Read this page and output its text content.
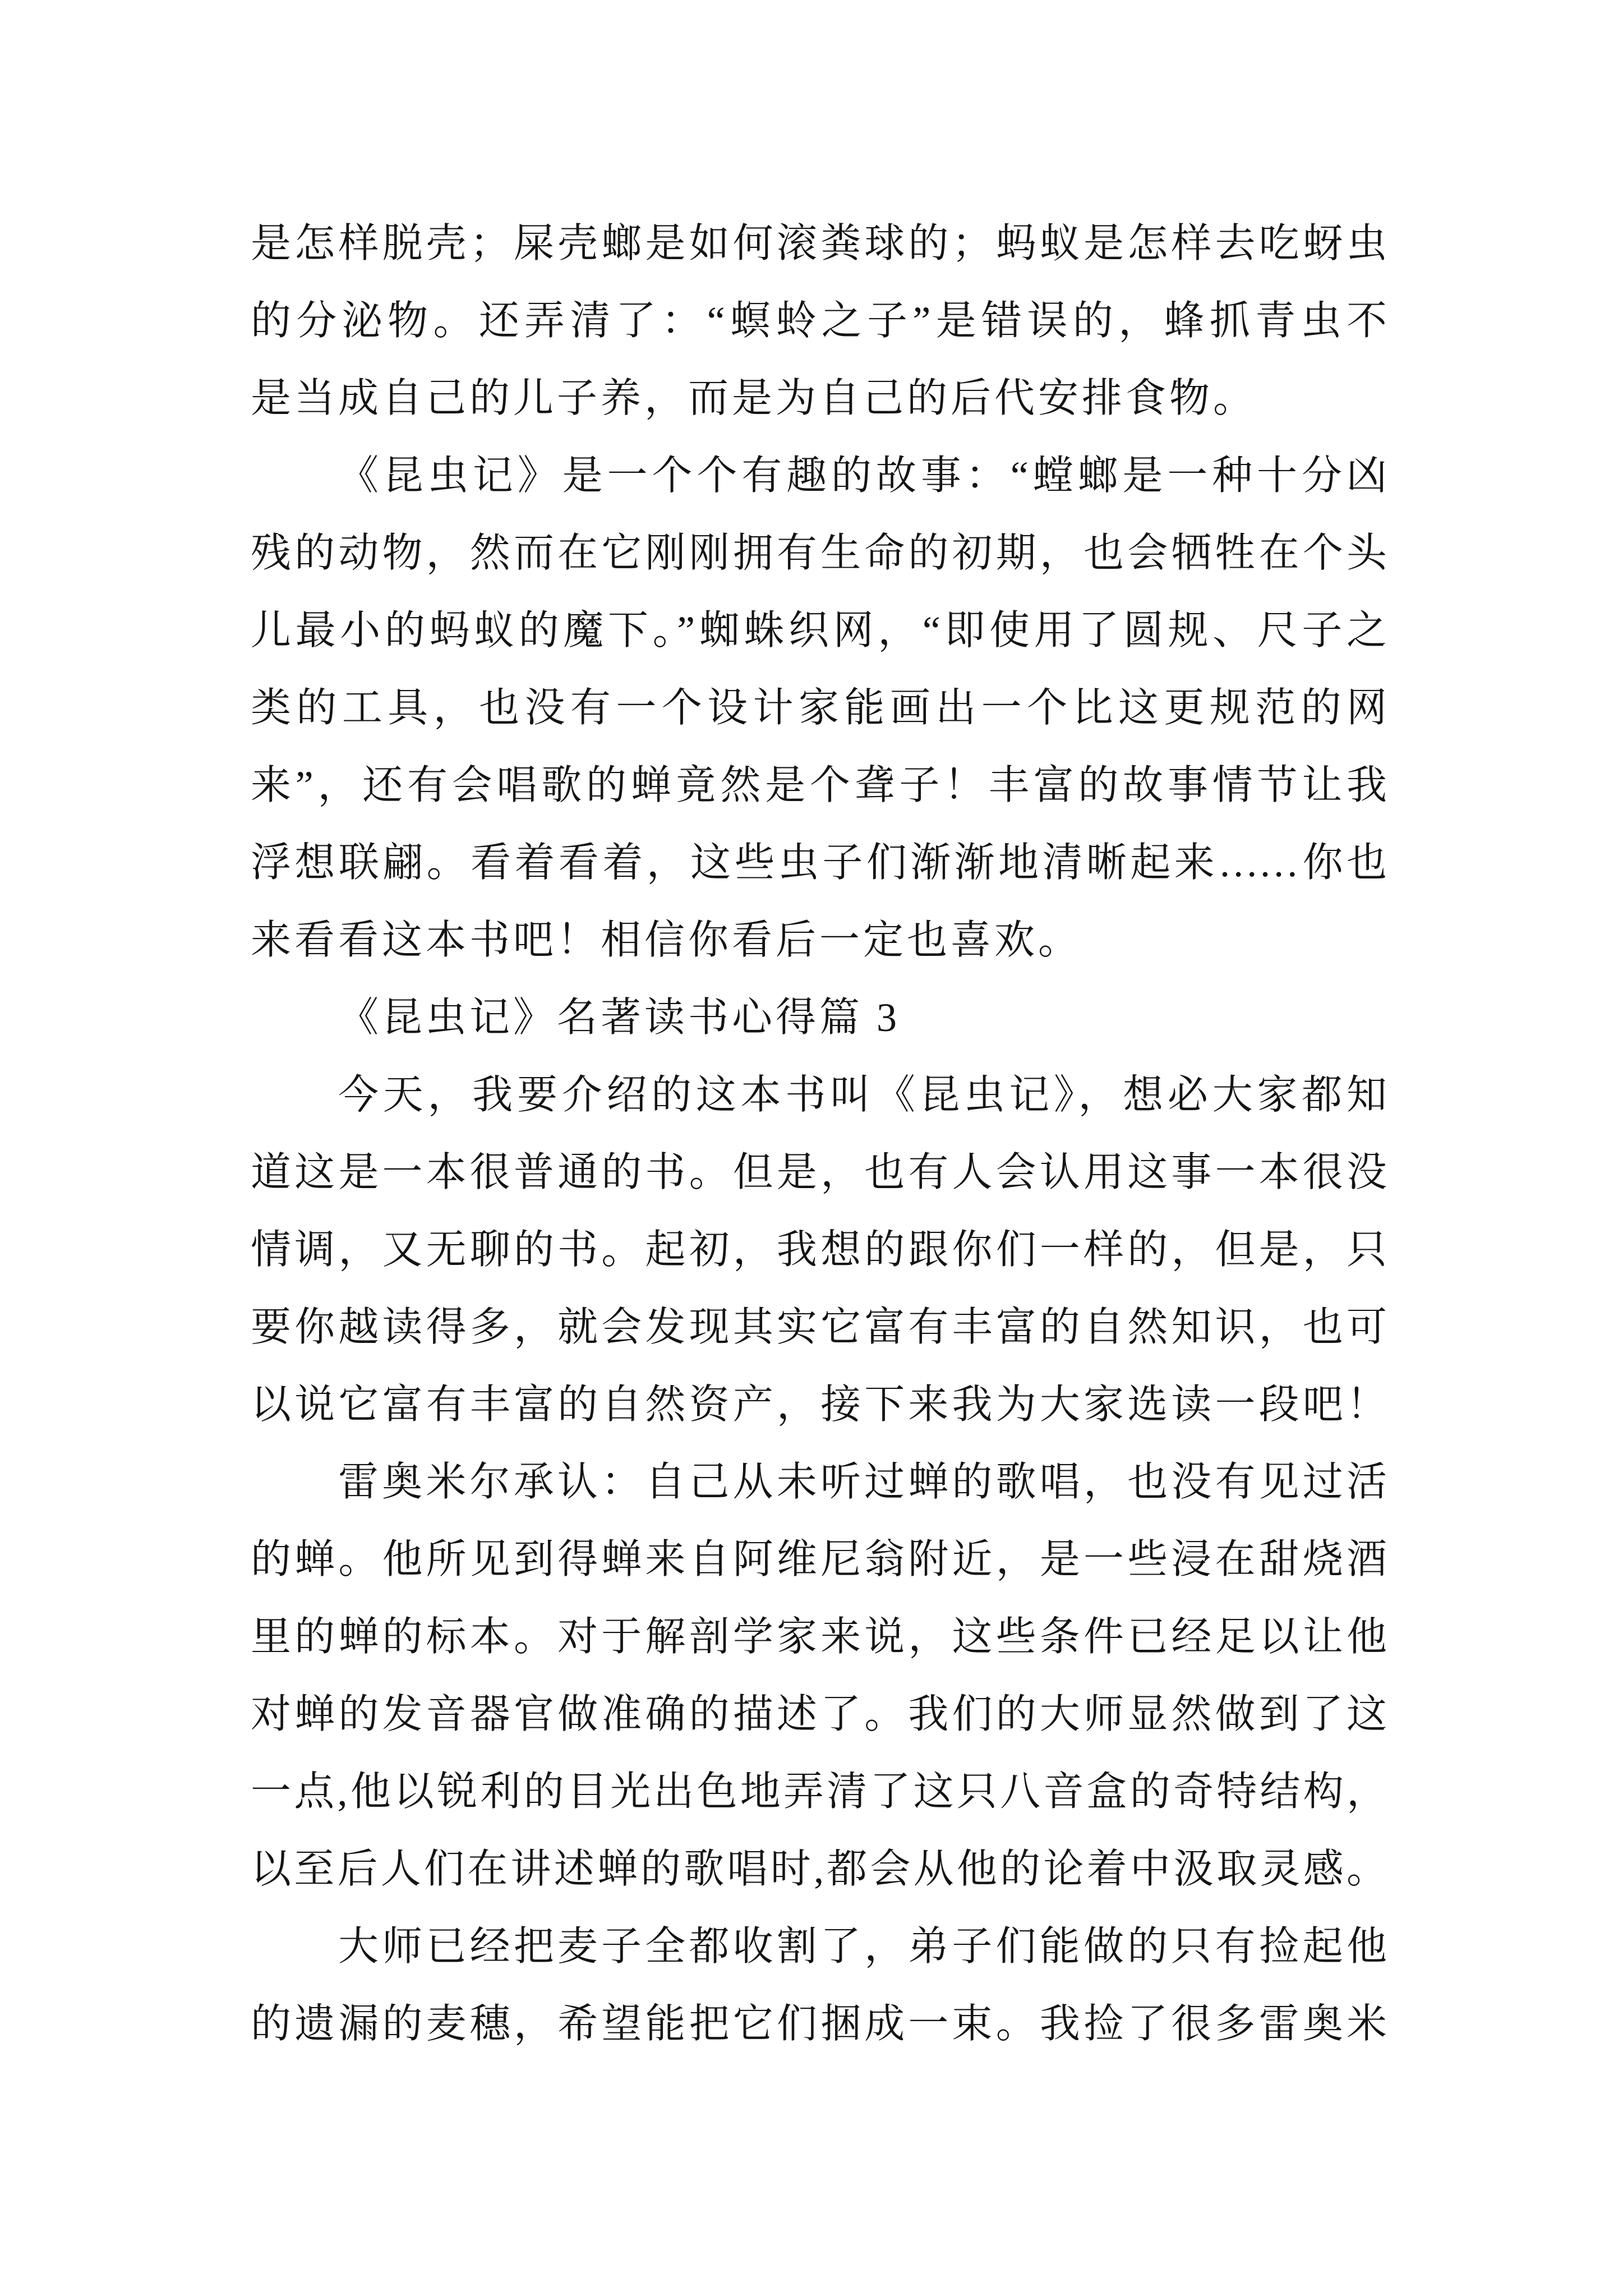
是怎样脱壳；屎壳螂是如何滚粪球的；蚂蚁是怎样去吃蚜虫
的分泌物。还弄清了：“螟蛉之子”是错误的，蜂抓青虫不
是当成自己的儿子养，而是为自己的后代安排食物。
《昆虫记》是一个个有趣的故事：“螳螂是一种十分凶
残的动物，然而在它刚刚拥有生命的初期，也会牺牲在个头
儿最小的蚂蚁的魔下。”蜘蛛织网，“即使用了圆规、尺子之
类的工具，也没有一个设计家能画出一个比这更规范的网
来”，还有会唱歌的蝉竟然是个聋子！丰富的故事情节让我
浮想联翩。看着看着，这些虫子们渐渐地清晰起来……你也
来看看这本书吧！相信你看后一定也喜欢。
《昆虫记》名著读书心得篇 3
今天，我要介绍的这本书叫《昆虫记》，想必大家都知
道这是一本很普通的书。但是，也有人会认用这事一本很没
情调，又无聊的书。起初，我想的跟你们一样的，但是，只
要你越读得多，就会发现其实它富有丰富的自然知识，也可
以说它富有丰富的自然资产，接下来我为大家选读一段吧！
雷奥米尔承认：自己从未听过蝉的歌唱，也没有见过活
的蝉。他所见到得蝉来自阿维尼翁附近，是一些浸在甜烧酒
里的蝉的标本。对于解剖学家来说，这些条件已经足以让他
对蝉的发音器官做准确的描述了。我们的大师显然做到了这
一点,他以锐利的目光出色地弄清了这只八音盒的奇特结构，
以至后人们在讲述蝉的歌唱时,都会从他的论着中汲取灵感。
大师已经把麦子全都收割了，弟子们能做的只有捡起他
的遗漏的麦穗，希望能把它们捆成一束。我捡了很多雷奥米
